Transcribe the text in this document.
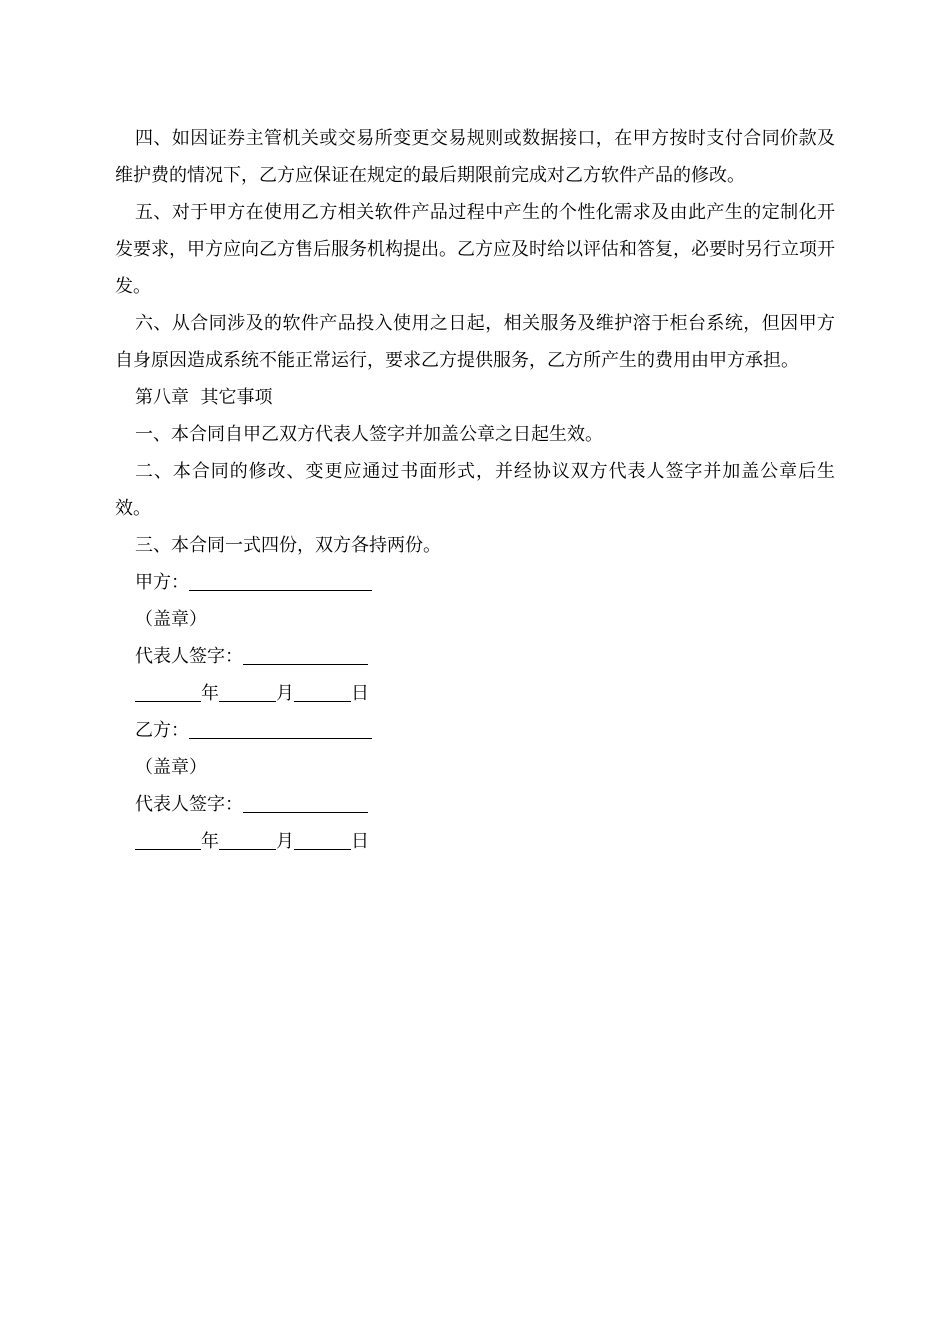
四、如因证券主管机关或交易所变更交易规则或数据接口，在甲方按时支付合同价款及维护费的情况下，乙方应保证在规定的最后期限前完成对乙方软件产品的修改。

五、对于甲方在使用乙方相关软件产品过程中产生的个性化需求及由此产生的定制化开发要求，甲方应向乙方售后服务机构提出。乙方应及时给以评估和答复，必要时另行立项开发。

六、从合同涉及的软件产品投入使用之日起，相关服务及维护溶于柜台系统，但因甲方自身原因造成系统不能正常运行，要求乙方提供服务，乙方所产生的费用由甲方承担。

第八章  其它事项

一、本合同自甲乙双方代表人签字并加盖公章之日起生效。

二、本合同的修改、变更应通过书面形式，并经协议双方代表人签字并加盖公章后生效。

三、本合同一式四份，双方各持两份。

甲方：
（盖章）
代表人签字：
年	月	日
乙方：
（盖章）
代表人签字：
年	月	日
